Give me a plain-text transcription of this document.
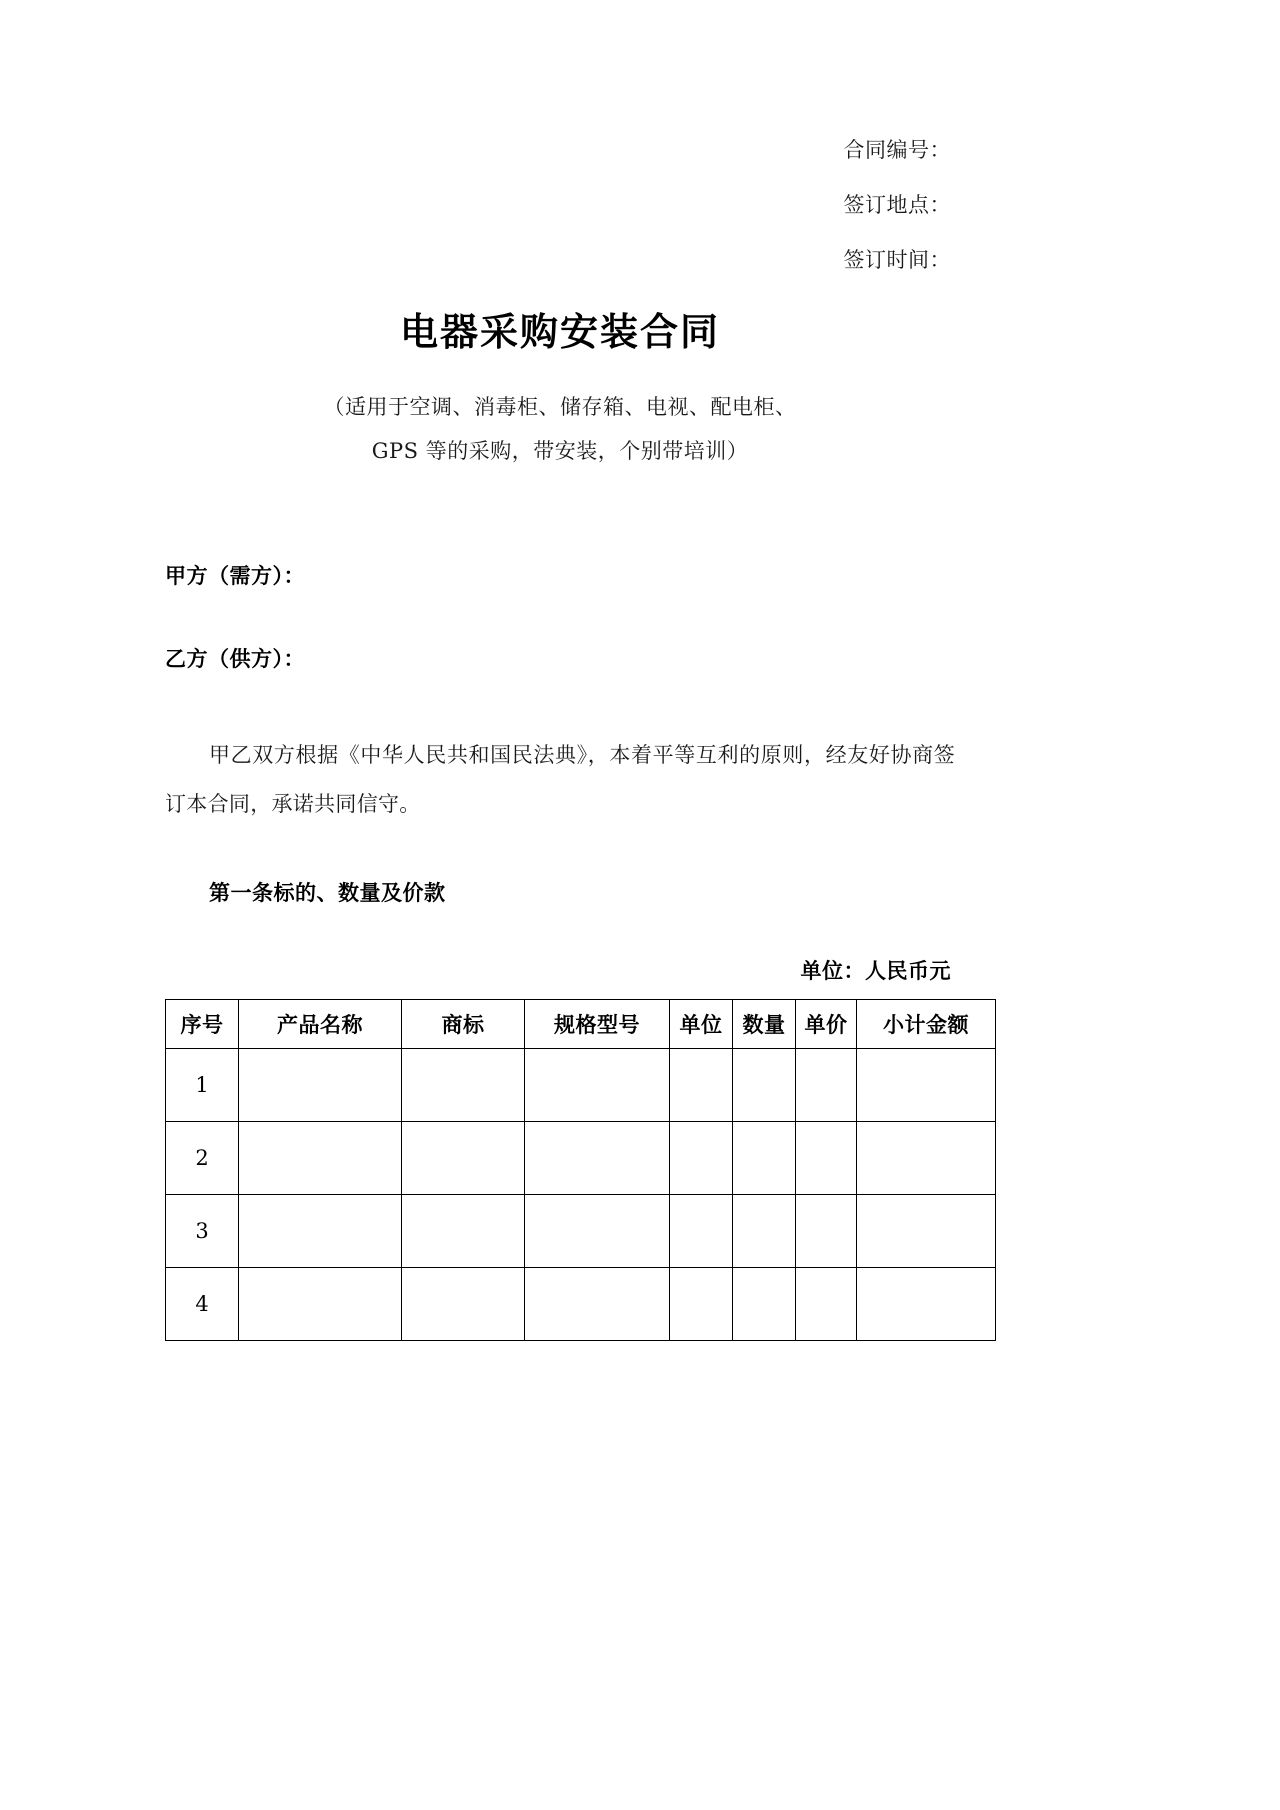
合同编号：
签订地点：
签订时间：
电器采购安装合同
（适用于空调、消毒柜、储存箱、电视、配电柜、
GPS 等的采购，带安装，个别带培训）
甲方（需方）：
乙方（供方）：
甲乙双方根据《中华人民共和国民法典》，本着平等互利的原则，经友好协商签订本合同，承诺共同信守。
第一条标的、数量及价款
单位：人民币元
序号	产品名称	商标	规格型号	单位	数量	单价	小计金额
1							
2							
3							
4							
